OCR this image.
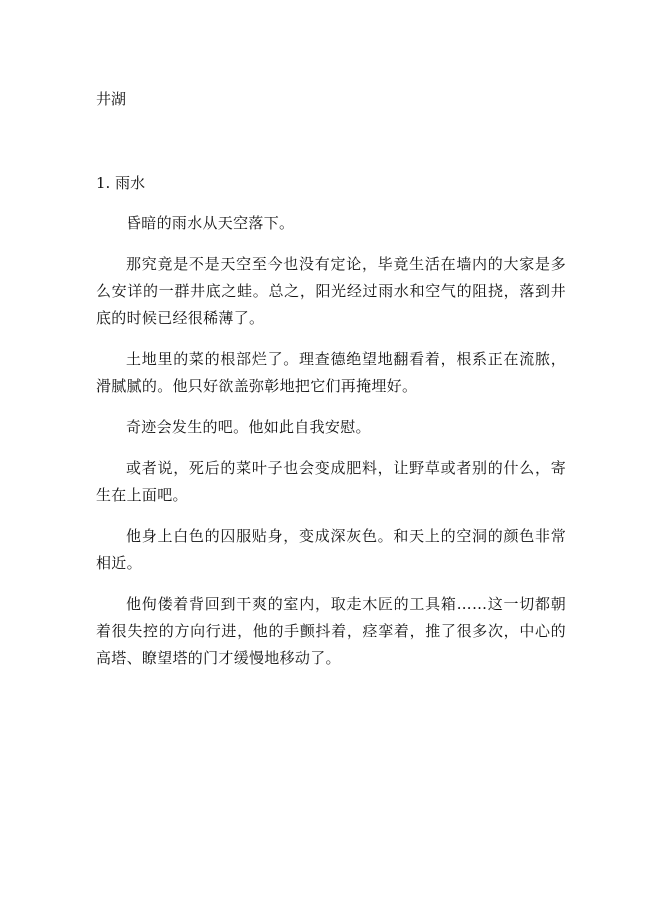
井湖
1. 雨水

昏暗的雨水从天空落下。

那究竟是不是天空至今也没有定论，毕竟生活在墙内的大家是多么安详的一群井底之蛙。总之，阳光经过雨水和空气的阻挠，落到井底的时候已经很稀薄了。

土地里的菜的根部烂了。理查德绝望地翻看着，根系正在流脓，滑腻腻的。他只好欲盖弥彰地把它们再掩埋好。

奇迹会发生的吧。他如此自我安慰。

或者说，死后的菜叶子也会变成肥料，让野草或者别的什么，寄生在上面吧。

他身上白色的囚服贴身，变成深灰色。和天上的空洞的颜色非常相近。

他佝偻着背回到干爽的室内，取走木匠的工具箱……这一切都朝着很失控的方向行进，他的手颤抖着，痉挛着，推了很多次，中心的高塔、瞭望塔的门才缓慢地移动了。
